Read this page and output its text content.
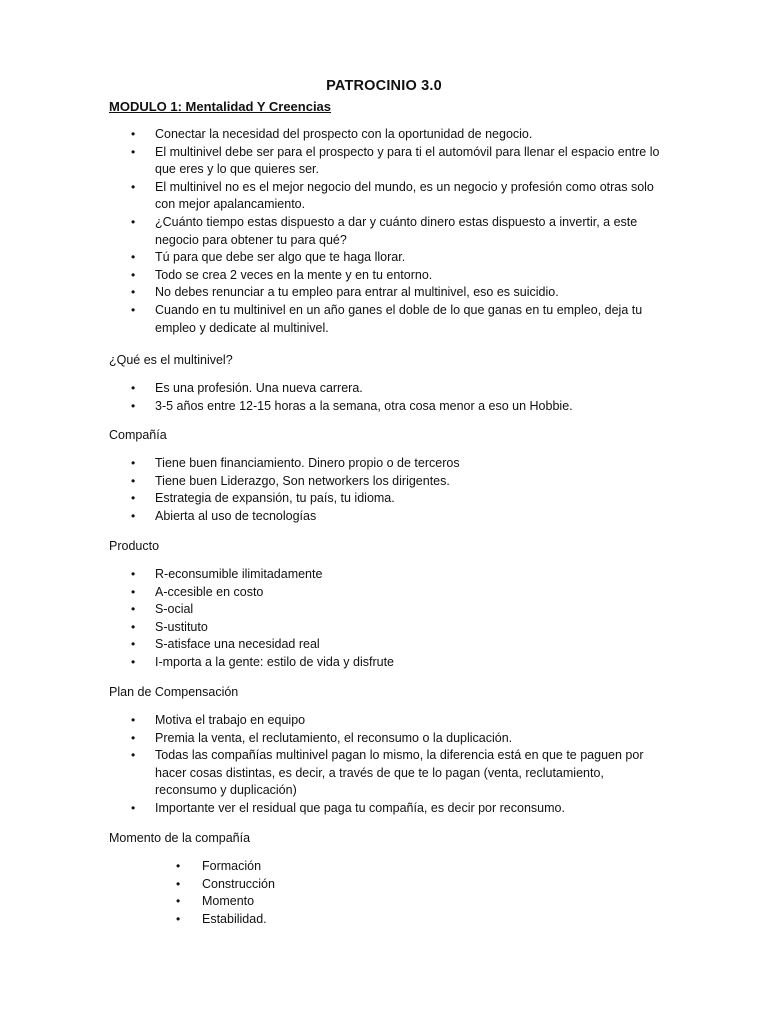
PATROCINIO 3.0
MODULO 1: Mentalidad Y Creencias
• Conectar la necesidad del prospecto con la oportunidad de negocio.
• El multinivel debe ser para el prospecto y para ti el automóvil para llenar el espacio entre lo que eres y lo que quieres ser.
• El multinivel no es el mejor negocio del mundo, es un negocio y profesión como otras solo con mejor apalancamiento.
• ¿Cuánto tiempo estas dispuesto a dar y cuánto dinero estas dispuesto a invertir, a este negocio para obtener tu para qué?
• Tú para que debe ser algo que te haga llorar.
• Todo se crea 2 veces en la mente y en tu entorno.
• No debes renunciar a tu empleo para entrar al multinivel, eso es suicidio.
• Cuando en tu multinivel en un año ganes el doble de lo que ganas en tu empleo, deja tu empleo y dedicate al multinivel.
¿Qué es el multinivel?
• Es una profesión. Una nueva carrera.
• 3-5 años entre 12-15 horas a la semana, otra cosa menor a eso un Hobbie.
Compañía
• Tiene buen financiamiento. Dinero propio o de terceros
• Tiene buen Liderazgo, Son networkers los dirigentes.
• Estrategia de expansión, tu país, tu idioma.
• Abierta al uso de tecnologías
Producto
• R-econsumible ilimitadamente
• A-ccesible en costo
• S-ocial
• S-ustituto
• S-atisface una necesidad real
• I-mporta a la gente: estilo de vida y disfrute
Plan de Compensación
• Motiva el trabajo en equipo
• Premia la venta, el reclutamiento, el reconsumo o la duplicación.
• Todas las compañías multinivel pagan lo mismo, la diferencia está en que te paguen por hacer cosas distintas, es decir, a través de que te lo pagan (venta, reclutamiento, reconsumo y duplicación)
• Importante ver el residual que paga tu compañía, es decir por reconsumo.
Momento de la compañía
• Formación
• Construcción
• Momento
• Estabilidad.
